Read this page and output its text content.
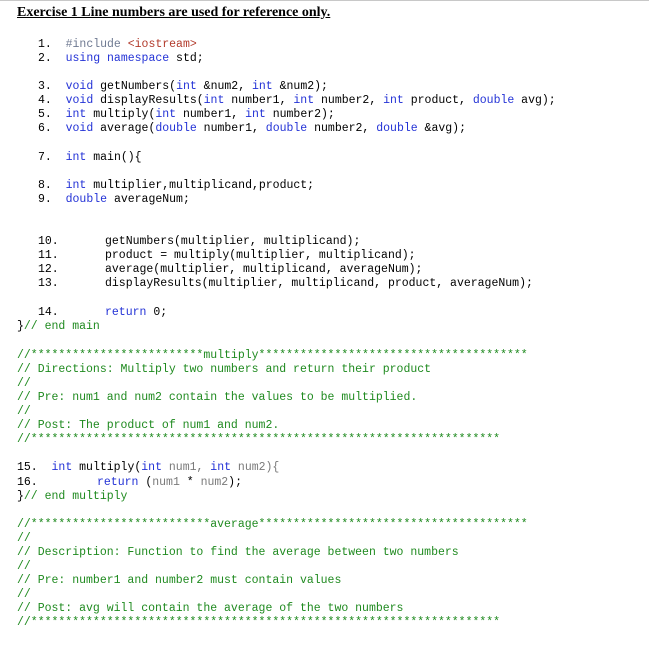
Exercise 1 Line numbers are used for reference only.
1.  #include <iostream>
2.  using namespace std;
3.  void getNumbers(int &num2, int &num2);
4.  void displayResults(int number1, int number2, int product, double avg);
5.  int multiply(int number1, int number2);
6.  void average(double number1, double number2, double &avg);
7.  int main(){
8.  int multiplier,multiplicand,product;
9.  double averageNum;
10.	getNumbers(multiplier, multiplicand);
11.	product = multiply(multiplier, multiplicand);
12.	average(multiplier, multiplicand, averageNum);
13.	displayResults(multiplier, multiplicand, product, averageNum);
14.	return 0;
}// end main
//*************************multiply***************************************
// Directions: Multiply two numbers and return their product
//
// Pre: num1 and num2 contain the values to be multiplied.
//
// Post: The product of num1 and num2.
//********************************************************************
15. int multiply(int num1, int num2){
16.	return (num1 * num2);
}// end multiply
//**************************average***************************************
//
// Description: Function to find the average between two numbers
//
// Pre: number1 and number2 must contain values
//
// Post: avg will contain the average of the two numbers
//********************************************************************
